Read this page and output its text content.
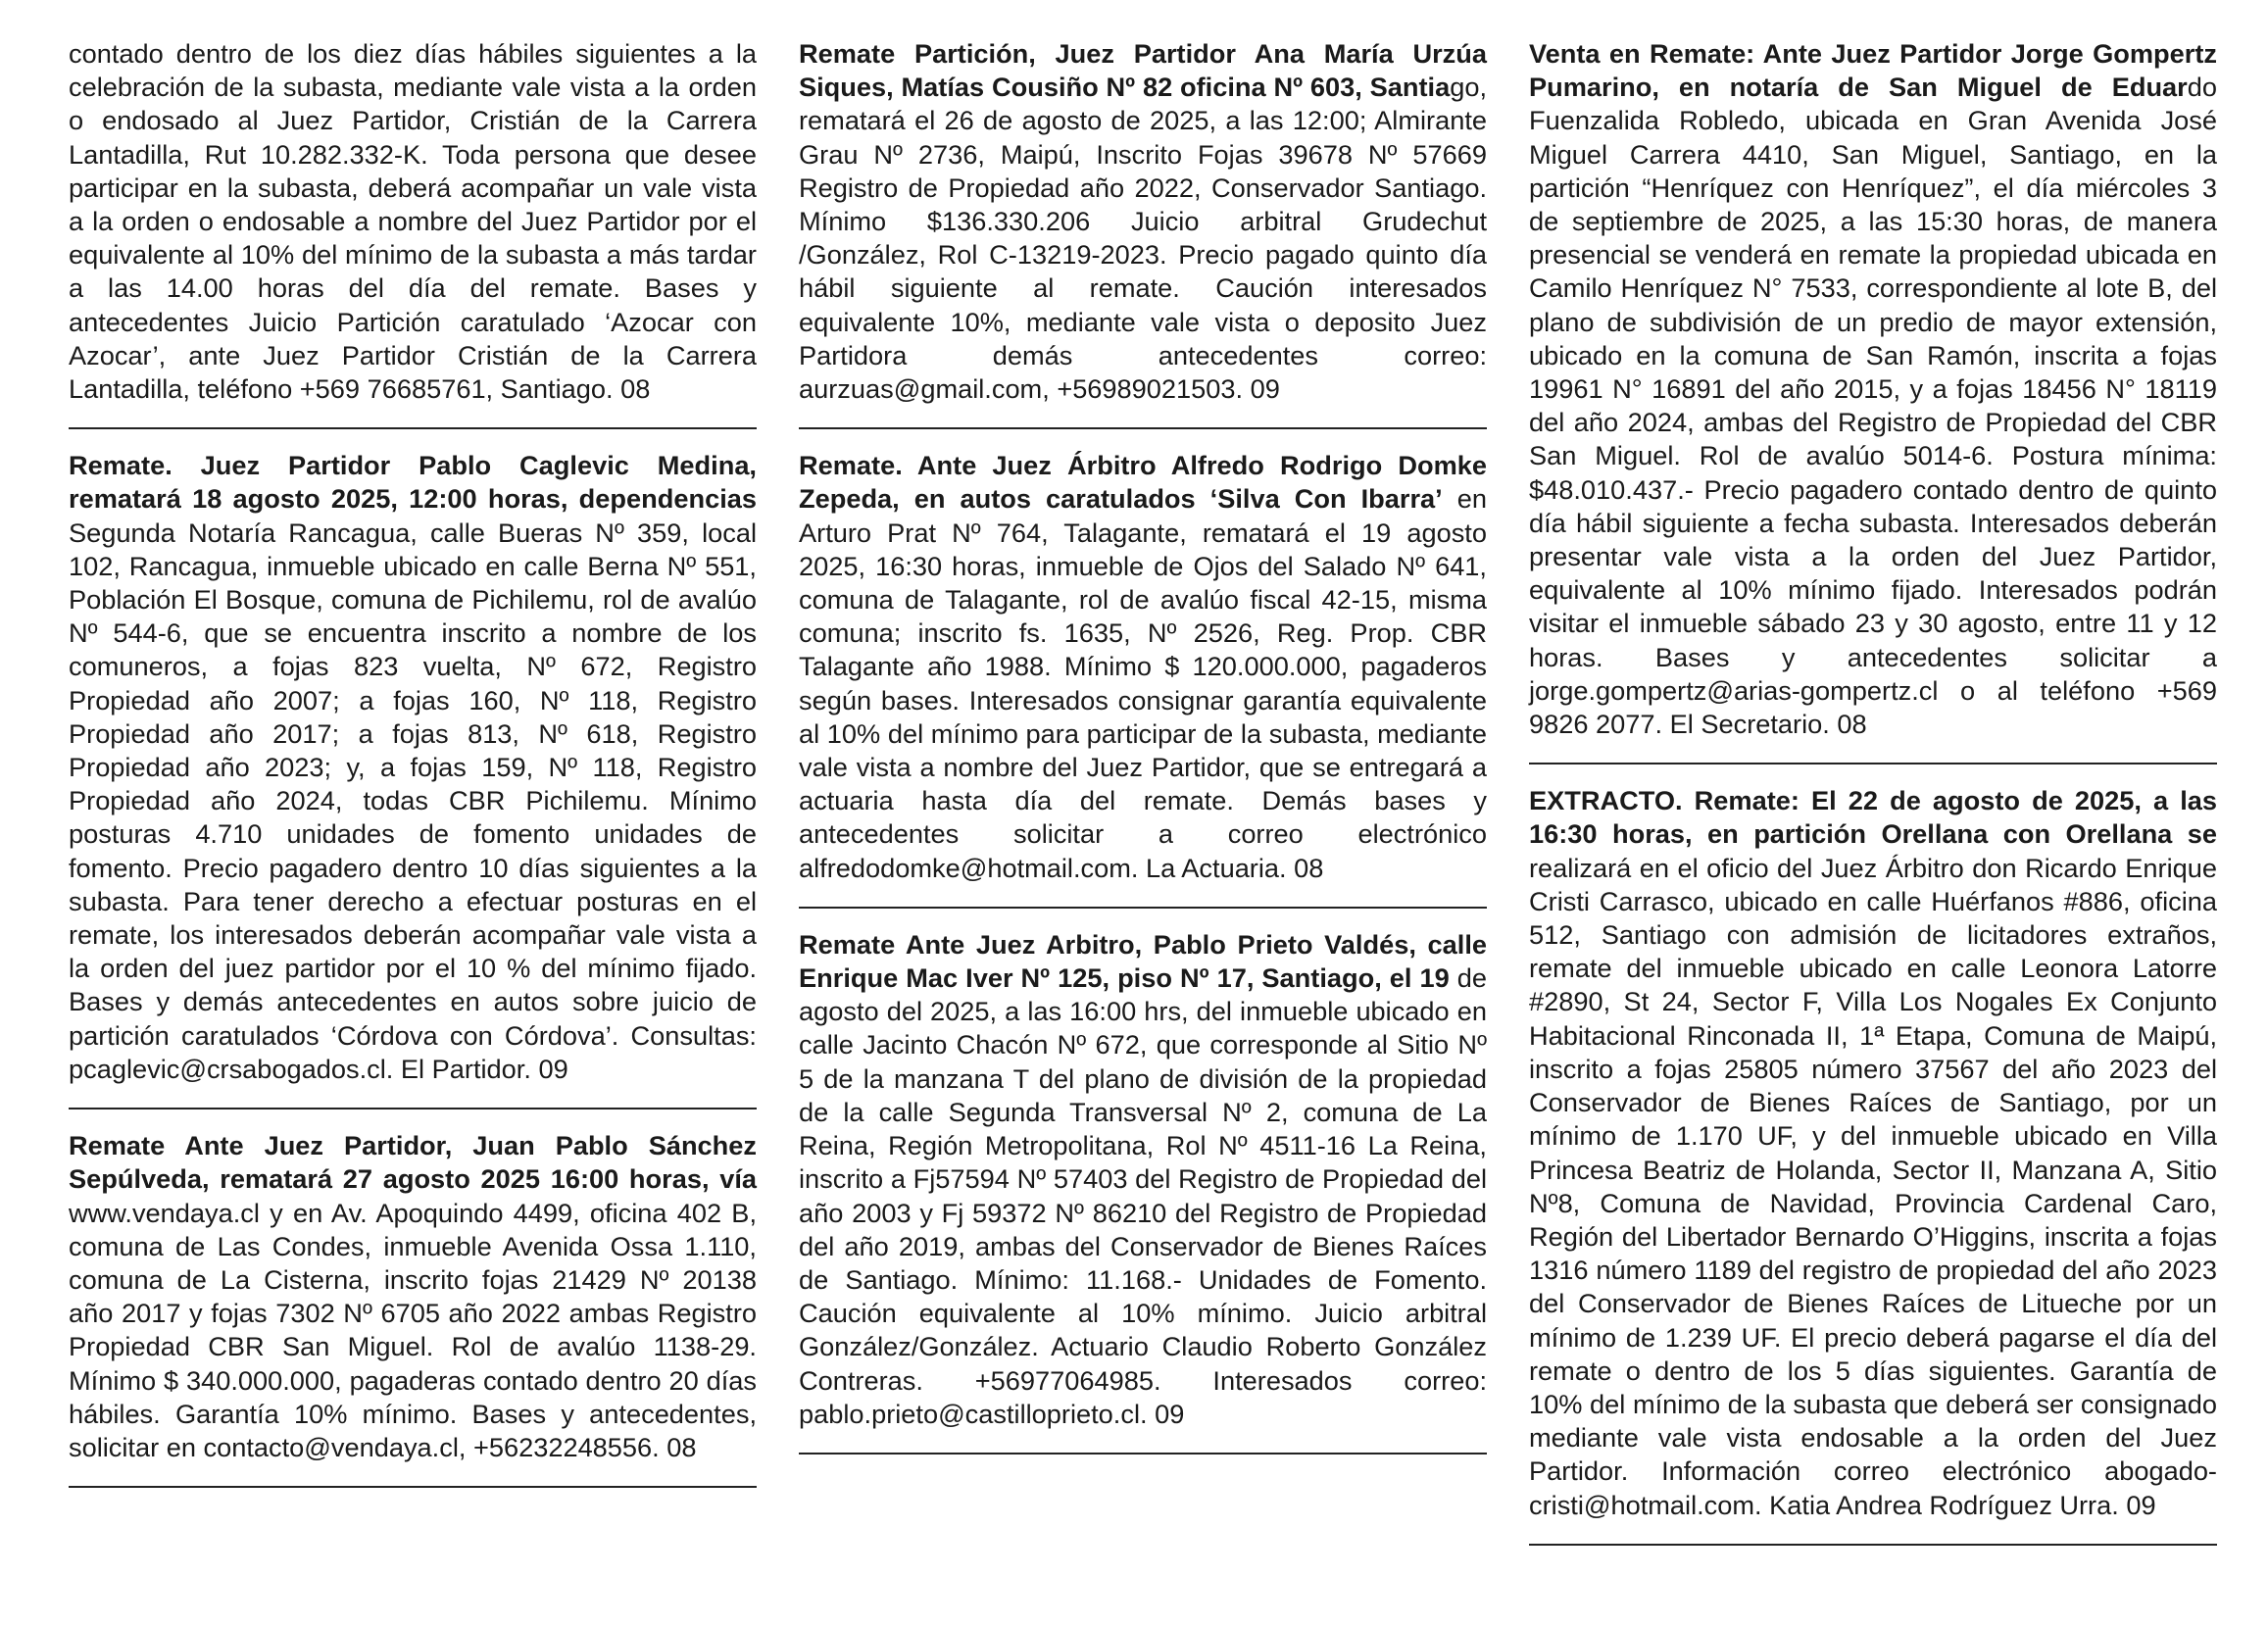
contado dentro de los diez días hábiles siguientes a la celebración de la subasta, mediante vale vista a la orden o endosado al Juez Partidor, Cristián de la Carrera Lantadilla, Rut 10.282.332-K. Toda persona que desee participar en la subasta, deberá acompañar un vale vista a la orden o endosable a nombre del Juez Partidor por el equivalente al 10% del mínimo de la subasta a más tardar a las 14.00 horas del día del remate. Bases y antecedentes Juicio Partición caratulado ‘Azocar con Azocar’, ante Juez Partidor Cristián de la Carrera Lantadilla, teléfono +569 76685761, Santiago. 08

Remate. Juez Partidor Pablo Caglevic Medina, rematará 18 agosto 2025, 12:00 horas, dependencias Segunda Notaría Rancagua, calle Bueras Nº 359, local 102, Rancagua, inmueble ubicado en calle Berna Nº 551, Población El Bosque, comuna de Pichilemu, rol de avalúo Nº 544-6, que se encuentra inscrito a nombre de los comuneros, a fojas 823 vuelta, Nº 672, Registro Propiedad año 2007; a fojas 160, Nº 118, Registro Propiedad año 2017; a fojas 813, Nº 618, Registro Propiedad año 2023; y, a fojas 159, Nº 118, Registro Propiedad año 2024, todas CBR Pichilemu. Mínimo posturas 4.710 unidades de fomento unidades de fomento. Precio pagadero dentro 10 días siguientes a la subasta. Para tener derecho a efectuar posturas en el remate, los interesados deberán acompañar vale vista a la orden del juez partidor por el 10 % del mínimo fijado. Bases y demás antecedentes en autos sobre juicio de partición caratulados ‘Córdova con Córdova’. Consultas: pcaglevic@crsabogados.cl. El Partidor. 09

Remate Ante Juez Partidor, Juan Pablo Sánchez Sepúlveda, rematará 27 agosto 2025 16:00 horas, vía www.vendaya.cl y en Av. Apoquindo 4499, oficina 402 B, comuna de Las Condes, inmueble Avenida Ossa 1.110, comuna de La Cisterna, inscrito fojas 21429 Nº 20138 año 2017 y fojas 7302 Nº 6705 año 2022 ambas Registro Propiedad CBR San Miguel. Rol de avalúo 1138-29. Mínimo $ 340.000.000, pagaderas contado dentro 20 días hábiles. Garantía 10% mínimo. Bases y antecedentes, solicitar en contacto@vendaya.cl, +56232248556. 08

Remate Partición, Juez Partidor Ana María Urzúa Siques, Matías Cousiño Nº 82 oficina Nº 603, Santiago, rematará el 26 de agosto de 2025, a las 12:00; Almirante Grau Nº 2736, Maipú, Inscrito Fojas 39678 Nº 57669 Registro de Propiedad año 2022, Conservador Santiago. Mínimo $136.330.206 Juicio arbitral Grudechut /González, Rol C-13219-2023. Precio pagado quinto día hábil siguiente al remate. Caución interesados equivalente 10%, mediante vale vista o deposito Juez Partidora demás antecedentes correo: aurzuas@gmail.com, +56989021503. 09

Remate. Ante Juez Árbitro Alfredo Rodrigo Domke Zepeda, en autos caratulados ‘Silva Con Ibarra’ en Arturo Prat Nº 764, Talagante, rematará el 19 agosto 2025, 16:30 horas, inmueble de Ojos del Salado Nº 641, comuna de Talagante, rol de avalúo fiscal 42-15, misma comuna; inscrito fs. 1635, Nº 2526, Reg. Prop. CBR Talagante año 1988. Mínimo $ 120.000.000, pagaderos según bases. Interesados consignar garantía equivalente al 10% del mínimo para participar de la subasta, mediante vale vista a nombre del Juez Partidor, que se entregará a actuaria hasta día del remate. Demás bases y antecedentes solicitar a correo electrónico alfredodomke@hotmail.com. La Actuaria. 08

Remate Ante Juez Arbitro, Pablo Prieto Valdés, calle Enrique Mac Iver Nº 125, piso Nº 17, Santiago, el 19 de agosto del 2025, a las 16:00 hrs, del inmueble ubicado en calle Jacinto Chacón Nº 672, que corresponde al Sitio Nº 5 de la manzana T del plano de división de la propiedad de la calle Segunda Transversal Nº 2, comuna de La Reina, Región Metropolitana, Rol Nº 4511-16 La Reina, inscrito a Fj57594 Nº 57403 del Registro de Propiedad del año 2003 y Fj 59372 Nº 86210 del Registro de Propiedad del año 2019, ambas del Conservador de Bienes Raíces de Santiago. Mínimo: 11.168.- Unidades de Fomento. Caución equivalente al 10% mínimo. Juicio arbitral González/González. Actuario Claudio Roberto González Contreras. +56977064985. Interesados correo: pablo.prieto@castilloprieto.cl. 09

Venta en Remate: Ante Juez Partidor Jorge Gompertz Pumarino, en notaría de San Miguel de Eduardo Fuenzalida Robledo, ubicada en Gran Avenida José Miguel Carrera 4410, San Miguel, Santiago, en la partición “Henríquez con Henríquez”, el día miércoles 3 de septiembre de 2025, a las 15:30 horas, de manera presencial se venderá en remate la propiedad ubicada en Camilo Henríquez N° 7533, correspondiente al lote B, del plano de subdivisión de un predio de mayor extensión, ubicado en la comuna de San Ramón, inscrita a fojas 19961 N° 16891 del año 2015, y a fojas 18456 N° 18119 del año 2024, ambas del Registro de Propiedad del CBR San Miguel. Rol de avalúo 5014-6. Postura mínima: $48.010.437.- Precio pagadero contado dentro de quinto día hábil siguiente a fecha subasta. Interesados deberán presentar vale vista a la orden del Juez Partidor, equivalente al 10% mínimo fijado. Interesados podrán visitar el inmueble sábado 23 y 30 agosto, entre 11 y 12 horas. Bases y antecedentes solicitar a jorge.gompertz@arias-gompertz.cl o al teléfono +569 9826 2077. El Secretario. 08

EXTRACTO. Remate: El 22 de agosto de 2025, a las 16:30 horas, en partición Orellana con Orellana se realizará en el oficio del Juez Árbitro don Ricardo Enrique Cristi Carrasco, ubicado en calle Huérfanos #886, oficina 512, Santiago con admisión de licitadores extraños, remate del inmueble ubicado en calle Leonora Latorre #2890, St 24, Sector F, Villa Los Nogales Ex Conjunto Habitacional Rinconada II, 1ª Etapa, Comuna de Maipú, inscrito a fojas 25805 número 37567 del año 2023 del Conservador de Bienes Raíces de Santiago, por un mínimo de 1.170 UF, y del inmueble ubicado en Villa Princesa Beatriz de Holanda, Sector II, Manzana A, Sitio Nº8, Comuna de Navidad, Provincia Cardenal Caro, Región del Libertador Bernardo O’Higgins, inscrita a fojas 1316 número 1189 del registro de propiedad del año 2023 del Conservador de Bienes Raíces de Litueche por un mínimo de 1.239 UF. El precio deberá pagarse el día del remate o dentro de los 5 días siguientes. Garantía de 10% del mínimo de la subasta que deberá ser consignado mediante vale vista endosable a la orden del Juez Partidor. Información correo electrónico abogado-cristi@hotmail.com. Katia Andrea Rodríguez Urra. 09
